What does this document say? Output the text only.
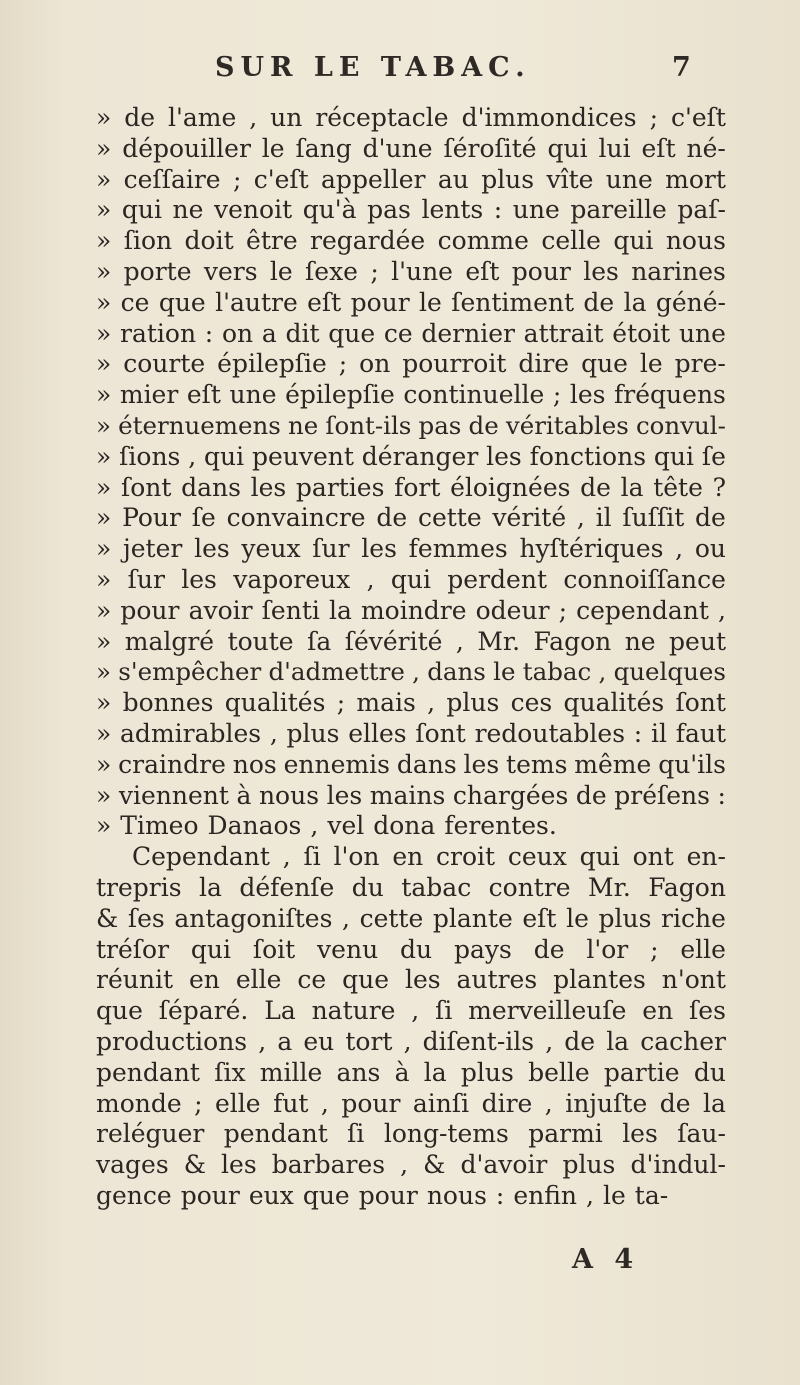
SUR LE TABAC.	7
» de l'ame , un réceptacle d'immondices ; c'eſt
» dépouiller le ſang d'une ſéroſité qui lui eſt né-
» ceſſaire ; c'eſt appeller au plus vîte une mort
» qui ne venoit qu'à pas lents : une pareille paſ-
» ſion doit être regardée comme celle qui nous
» porte vers le ſexe ; l'une eſt pour les narines
» ce que l'autre eſt pour le ſentiment de la géné-
» ration : on a dit que ce dernier attrait étoit une
» courte épilepſie ; on pourroit dire que le pre-
» mier eſt une épilepſie continuelle ; les fréquens
» éternuemens ne ſont-ils pas de véritables convul-
» ſions , qui peuvent déranger les fonctions qui ſe
» ſont dans les parties fort éloignées de la tête ?
» Pour ſe convaincre de cette vérité , il ſuſſit de
» jeter les yeux ſur les femmes hyſtériques , ou
» ſur les vaporeux , qui perdent connoiſſance
» pour avoir ſenti la moindre odeur ; cependant ,
» malgré toute ſa ſévérité , Mr. Fagon ne peut
» s'empêcher d'admettre , dans le tabac , quelques
» bonnes qualités ; mais , plus ces qualités ſont
» admirables , plus elles ſont redoutables : il faut
» craindre nos ennemis dans les tems même qu'ils
» viennent à nous les mains chargées de préſens :
» Timeo Danaos , vel dona ferentes.
Cependant , ſi l'on en croit ceux qui ont en-
trepris la défenſe du tabac contre Mr. Fagon
& ſes antagoniſtes , cette plante eſt le plus riche
tréſor qui ſoit venu du pays de l'or ; elle
réunit en elle ce que les autres plantes n'ont
que ſéparé. La nature , ſi merveilleuſe en ſes
productions , a eu tort , diſent-ils , de la cacher
pendant ſix mille ans à la plus belle partie du
monde ; elle fut , pour ainſi dire , injuſte de la
reléguer pendant ſi long-tems parmi les ſau-
vages & les barbares , & d'avoir plus d'indul-
gence pour eux que pour nous : enfin , le ta-
A 4
